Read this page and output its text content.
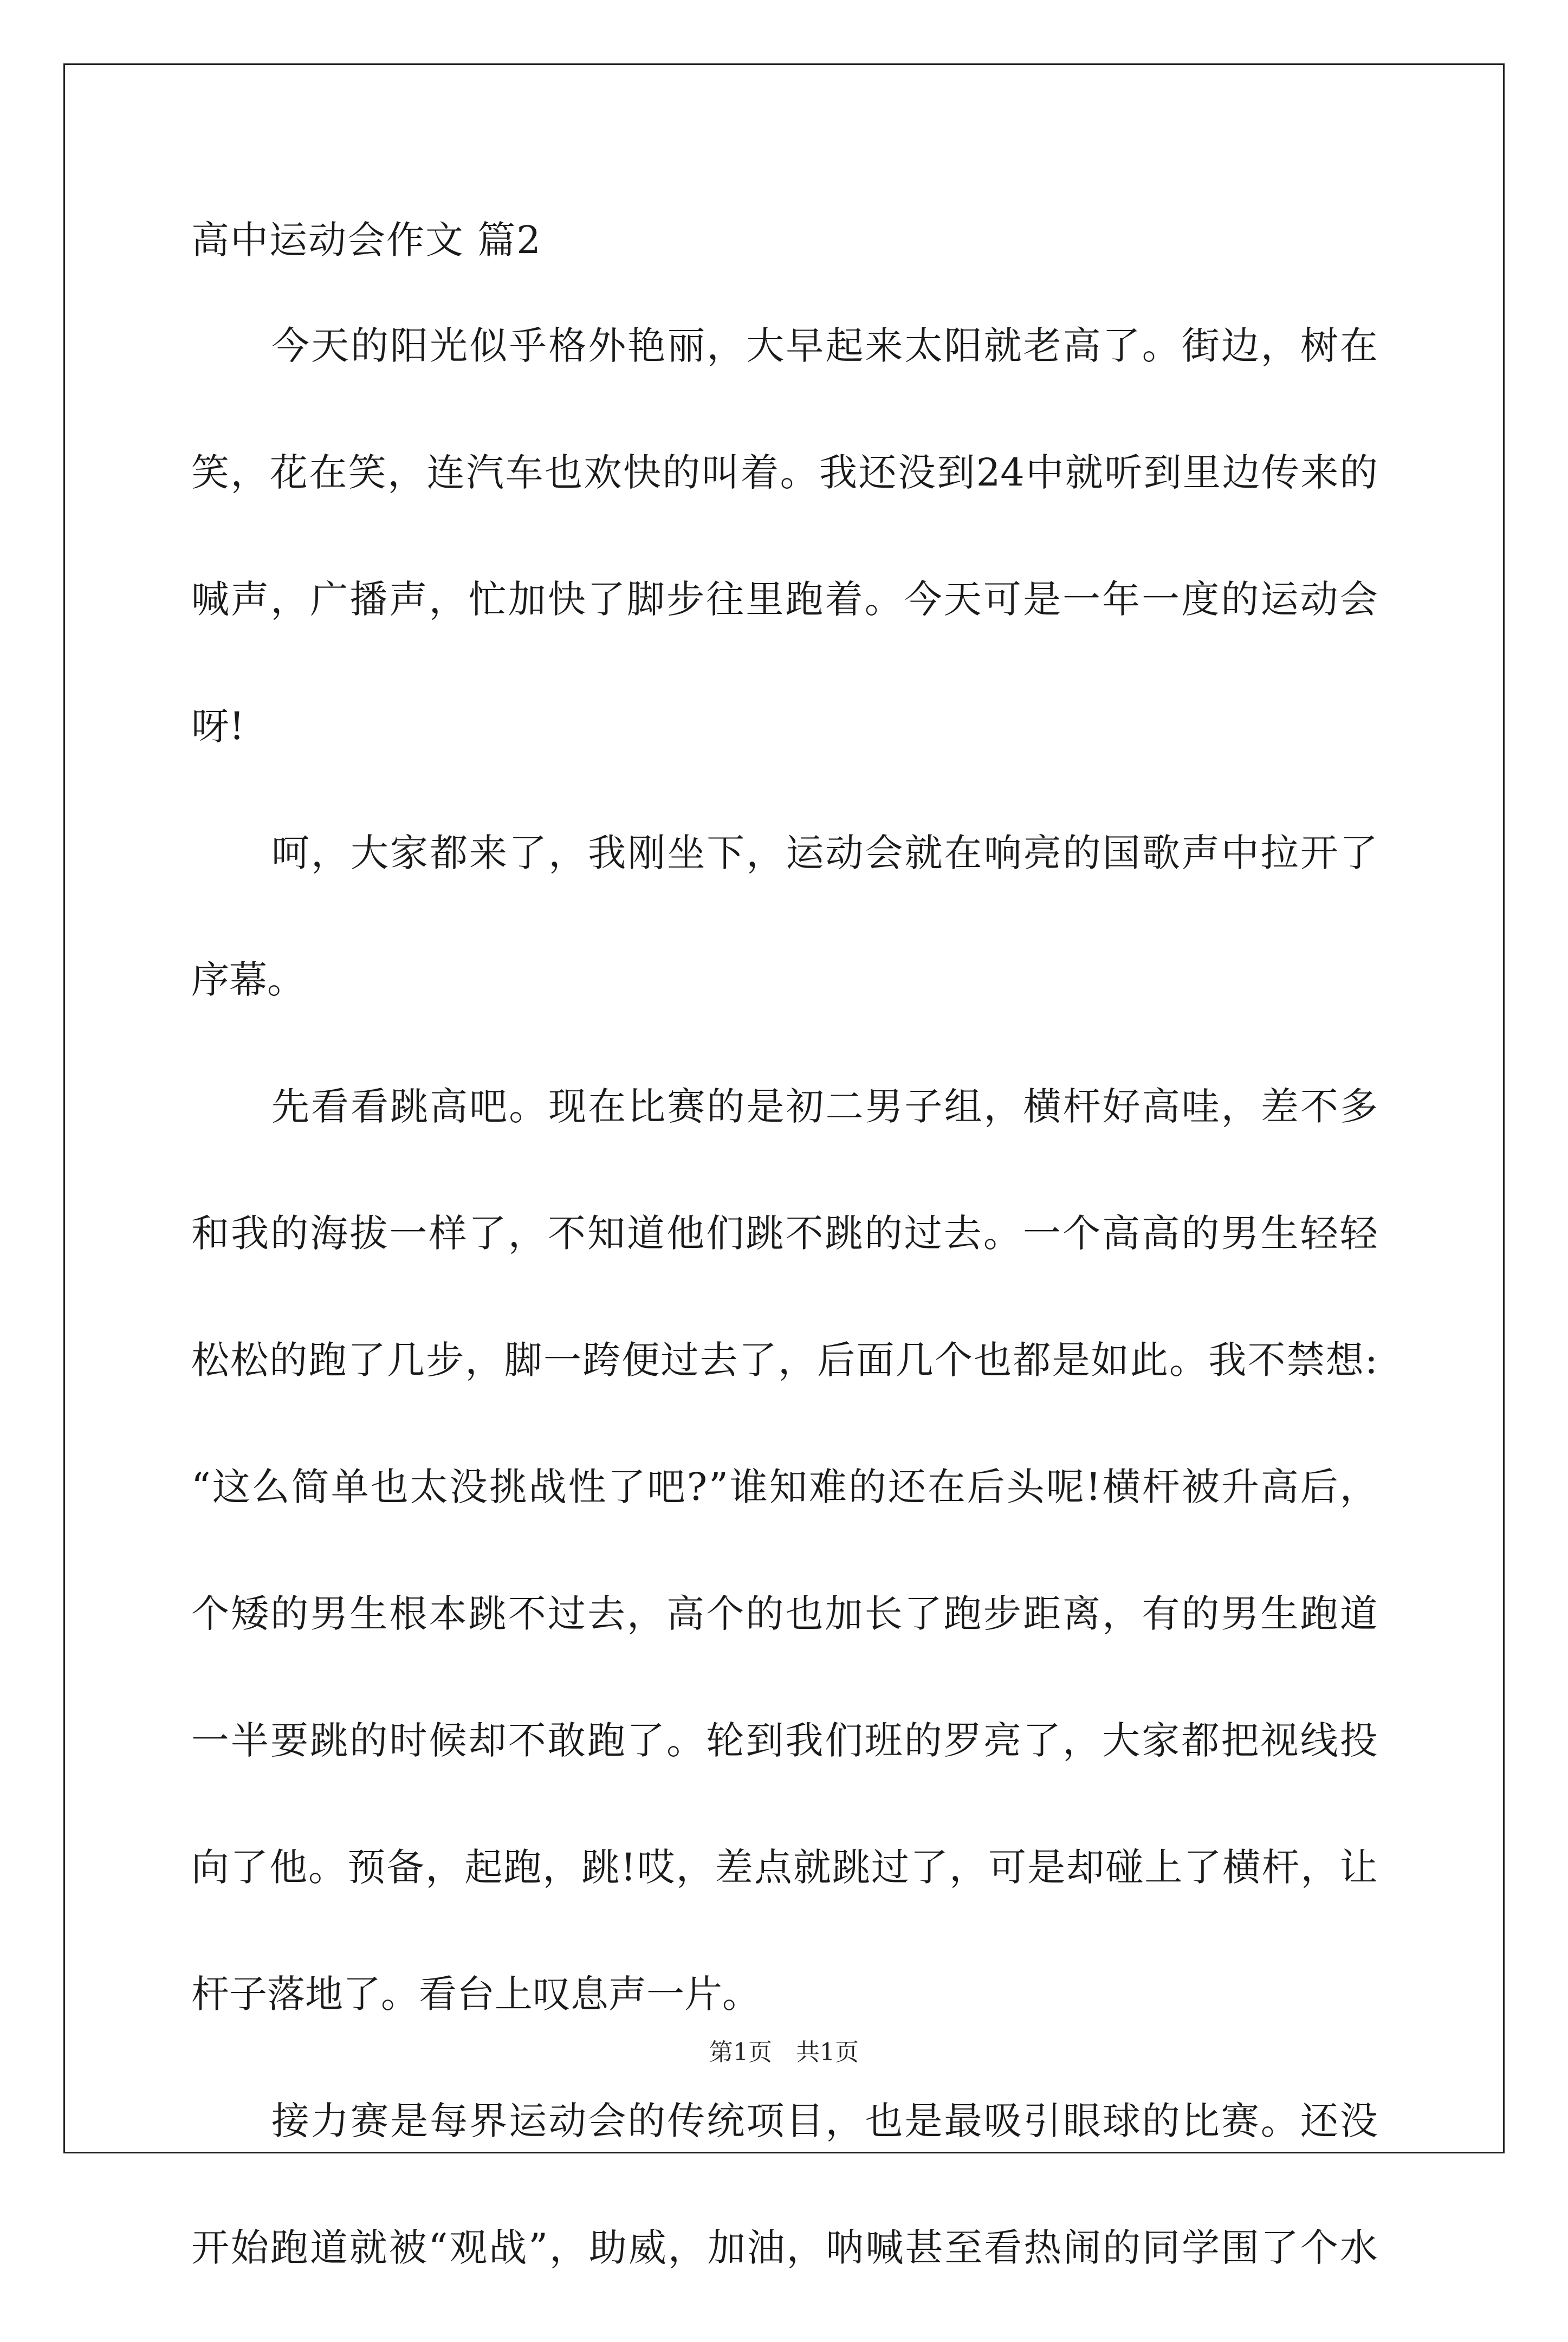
高中运动会作文 篇2
今 天 的 阳 光 似 乎 格 外 艳 丽 ， 大 早 起 来 太 阳 就 老 高 了 。 街 边 ， 树 在
笑 ， 花 在 笑 ， 连 汽 车 也 欢 快 的 叫 着 。 我 还 没 到 24 中 就 听 到 里 边 传 来 的
喊 声 ， 广 播 声 ， 忙 加 快 了 脚 步 往 里 跑 着 。 今 天 可 是 一 年 一 度 的 运 动 会
呀!
呵 ， 大 家 都 来 了 ， 我 刚 坐 下 ， 运 动 会 就 在 响 亮 的 国 歌 声 中 拉 开 了
序幕。
先 看 看 跳 高 吧 。 现 在 比 赛 的 是 初 二 男 子 组 ， 横 杆 好 高 哇 ， 差 不 多
和 我 的 海 拔 一 样 了 ， 不 知 道 他 们 跳 不 跳 的 过 去 。 一 个 高 高 的 男 生 轻 轻
松 松 的 跑 了 几 步 ， 脚 一 跨 便 过 去 了 ， 后 面 几 个 也 都 是 如 此 。 我 不 禁 想 :
“ 这 么 简 单 也 太 没 挑 战 性 了 吧 ? ” 谁 知 难 的 还 在 后 头 呢 ! 横 杆 被 升 高 后 ，
个 矮 的 男 生 根 本 跳 不 过 去 ， 高 个 的 也 加 长 了 跑 步 距 离 ， 有 的 男 生 跑 道
一 半 要 跳 的 时 候 却 不 敢 跑 了 。 轮 到 我 们 班 的 罗 亮 了 ， 大 家 都 把 视 线 投
向 了 他 。 预 备 ， 起 跑 ， 跳 ! 哎 ， 差 点 就 跳 过 了 ， 可 是 却 碰 上 了 横 杆 ， 让
杆子落地了。看台上叹息声一片。
接 力 赛 是 每 界 运 动 会 的 传 统 项 目 ， 也 是 最 吸 引 眼 球 的 比 赛 。 还 没
开 始 跑 道 就 被 “ 观 战 ” ， 助 威 ， 加 油 ， 呐 喊 甚 至 看 热 闹 的 同 学 围 了 个 水
第1页　共1页
